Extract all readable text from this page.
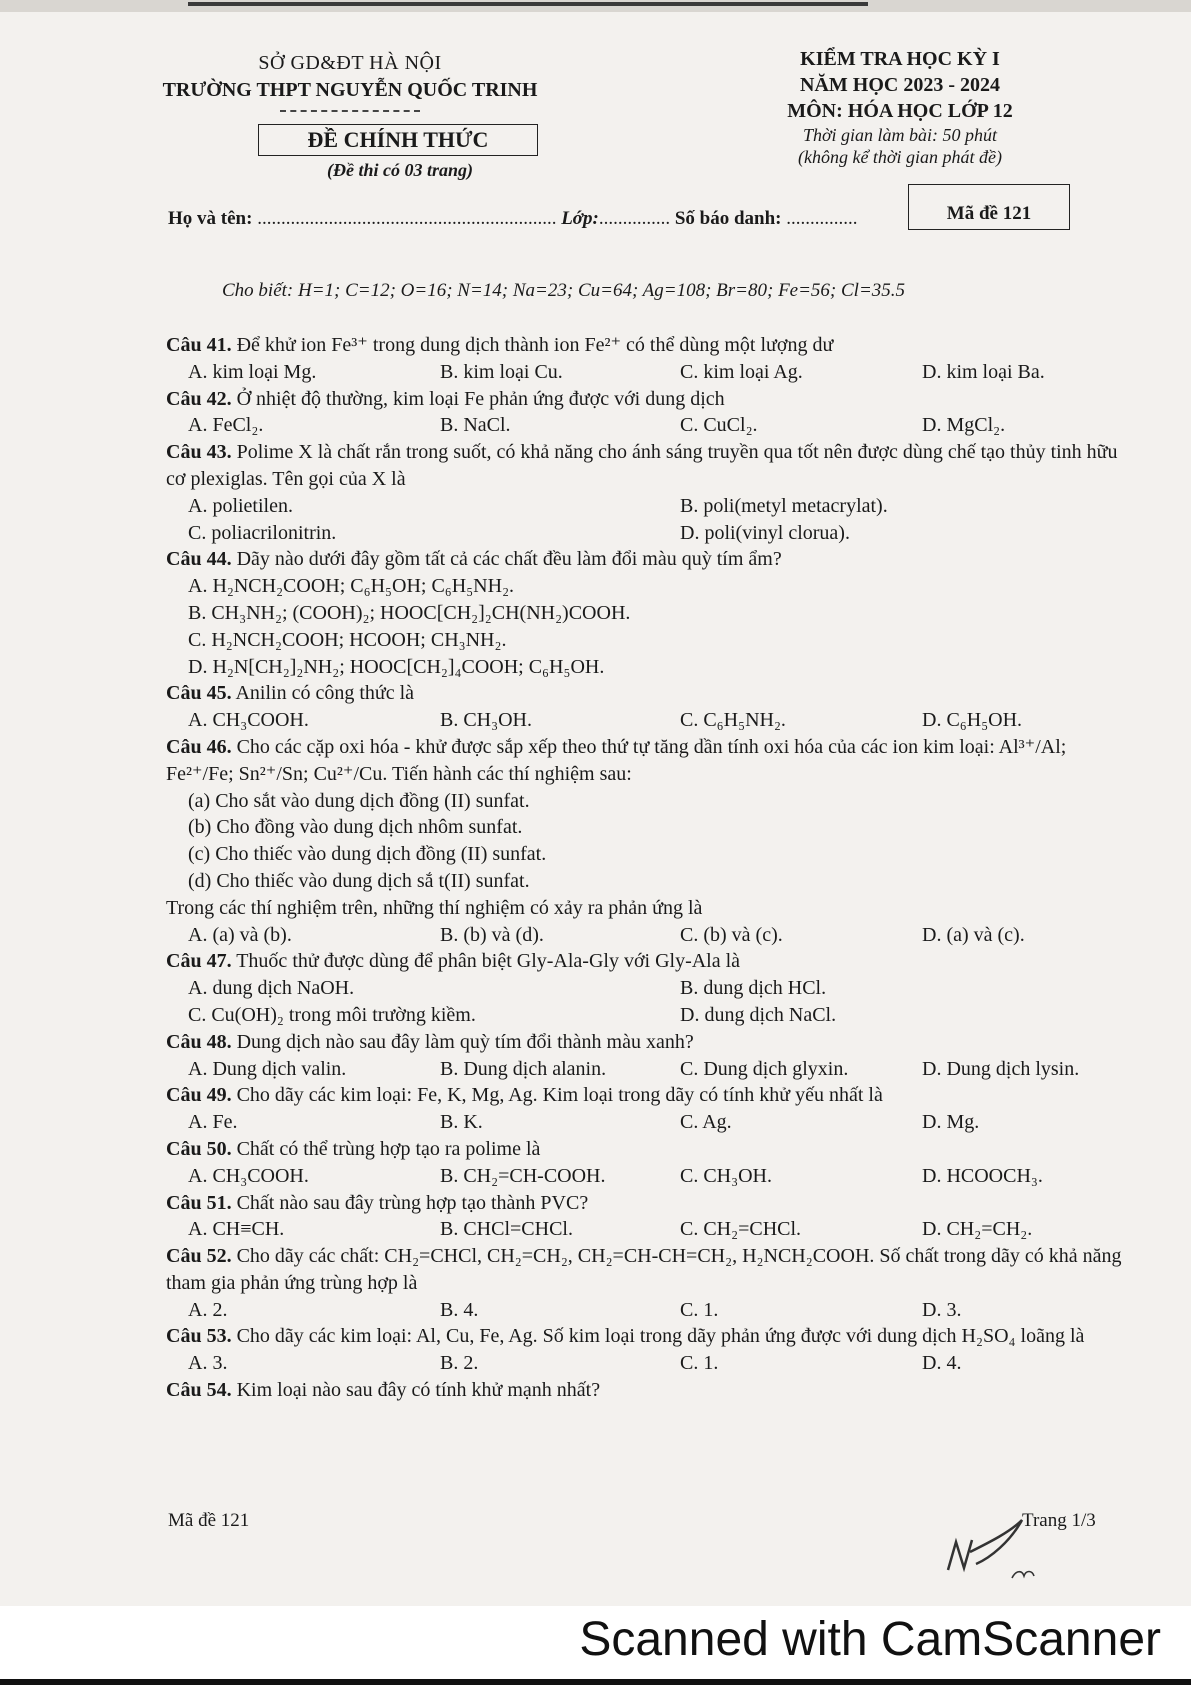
SỞ GD&ĐT HÀ NỘI
TRƯỜNG THPT NGUYỄN QUỐC TRINH
ĐỀ CHÍNH THỨC
(Đề thi có 03 trang)
KIỂM TRA HỌC KỲ I
NĂM HỌC 2023 - 2024
MÔN: HÓA HỌC LỚP 12
Thời gian làm bài: 50 phút
(không kể thời gian phát đề)
Họ và tên: ............................................................... Lớp:............... Số báo danh: ...............	Mã đề 121
Cho biết: H=1; C=12; O=16; N=14; Na=23; Cu=64; Ag=108; Br=80; Fe=56; Cl=35.5
Câu 41. Để khử ion Fe³⁺ trong dung dịch thành ion Fe²⁺ có thể dùng một lượng dư
A. kim loại Mg.	B. kim loại Cu.	C. kim loại Ag.	D. kim loại Ba.
Câu 42. Ở nhiệt độ thường, kim loại Fe phản ứng được với dung dịch
A. FeCl₂.	B. NaCl.	C. CuCl₂.	D. MgCl₂.
Câu 43. Polime X là chất rắn trong suốt, có khả năng cho ánh sáng truyền qua tốt nên được dùng chế tạo thủy tinh hữu cơ plexiglas. Tên gọi của X là
A. polietilen.	B. poli(metyl metacrylat).
C. poliacrilonitrin.	D. poli(vinyl clorua).
Câu 44. Dãy nào dưới đây gồm tất cả các chất đều làm đổi màu quỳ tím ẩm?
A. H₂NCH₂COOH; C₆H₅OH; C₆H₅NH₂.
B. CH₃NH₂; (COOH)₂; HOOC[CH₂]₂CH(NH₂)COOH.
C. H₂NCH₂COOH; HCOOH; CH₃NH₂.
D. H₂N[CH₂]₂NH₂; HOOC[CH₂]₄COOH; C₆H₅OH.
Câu 45. Anilin có công thức là
A. CH₃COOH.	B. CH₃OH.	C. C₆H₅NH₂.	D. C₆H₅OH.
Câu 46. Cho các cặp oxi hóa - khử được sắp xếp theo thứ tự tăng dần tính oxi hóa của các ion kim loại: Al³⁺/Al; Fe²⁺/Fe; Sn²⁺/Sn; Cu²⁺/Cu. Tiến hành các thí nghiệm sau:
(a) Cho sắt vào dung dịch đồng (II) sunfat.
(b) Cho đồng vào dung dịch nhôm sunfat.
(c) Cho thiếc vào dung dịch đồng (II) sunfat.
(d) Cho thiếc vào dung dịch sắ t(II) sunfat.
Trong các thí nghiệm trên, những thí nghiệm có xảy ra phản ứng là
A. (a) và (b).	B. (b) và (d).	C. (b) và (c).	D. (a) và (c).
Câu 47. Thuốc thử được dùng để phân biệt Gly-Ala-Gly với Gly-Ala là
A. dung dịch NaOH.	B. dung dịch HCl.
C. Cu(OH)₂ trong môi trường kiềm.	D. dung dịch NaCl.
Câu 48. Dung dịch nào sau đây làm quỳ tím đổi thành màu xanh?
A. Dung dịch valin.	B. Dung dịch alanin.	C. Dung dịch glyxin.	D. Dung dịch lysin.
Câu 49. Cho dãy các kim loại: Fe, K, Mg, Ag. Kim loại trong dãy có tính khử yếu nhất là
A. Fe.	B. K.	C. Ag.	D. Mg.
Câu 50. Chất có thể trùng hợp tạo ra polime là
A. CH₃COOH.	B. CH₂=CH-COOH.	C. CH₃OH.	D. HCOOCH₃.
Câu 51. Chất nào sau đây trùng hợp tạo thành PVC?
A. CH≡CH.	B. CHCl=CHCl.	C. CH₂=CHCl.	D. CH₂=CH₂.
Câu 52. Cho dãy các chất: CH₂=CHCl, CH₂=CH₂, CH₂=CH-CH=CH₂, H₂NCH₂COOH. Số chất trong dãy có khả năng tham gia phản ứng trùng hợp là
A. 2.	B. 4.	C. 1.	D. 3.
Câu 53. Cho dãy các kim loại: Al, Cu, Fe, Ag. Số kim loại trong dãy phản ứng được với dung dịch H₂SO₄ loãng là
A. 3.	B. 2.	C. 1.	D. 4.
Câu 54. Kim loại nào sau đây có tính khử mạnh nhất?
Mã đề 121	Trang 1/3
Scanned with CamScanner
